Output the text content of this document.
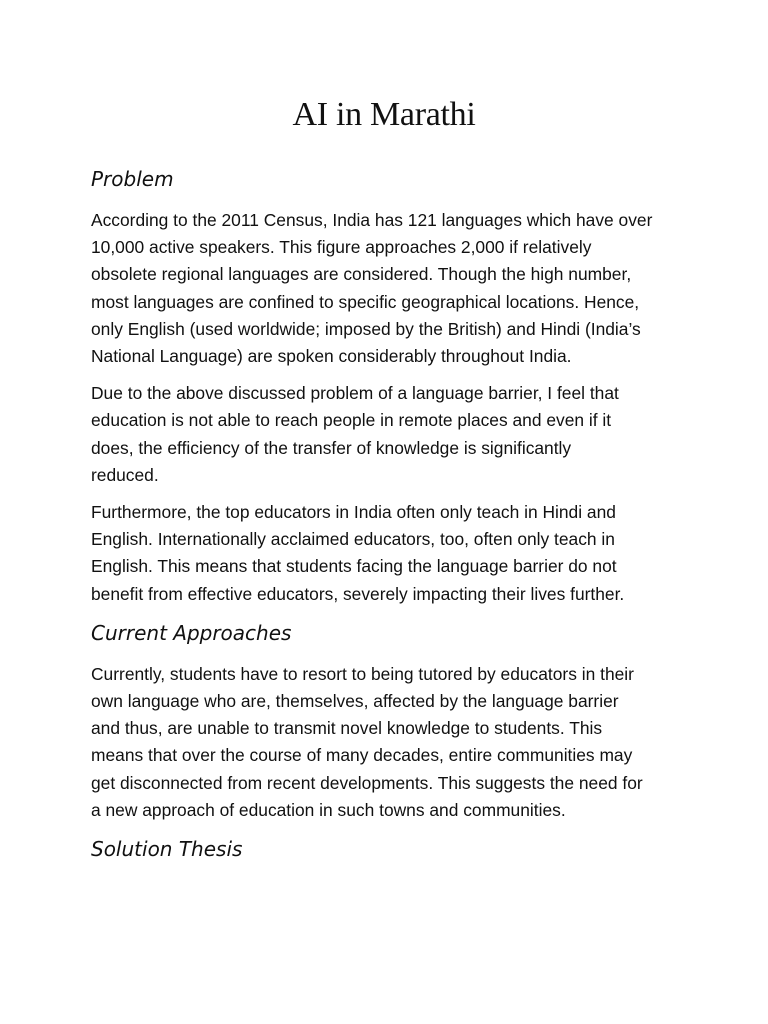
AI in Marathi
Problem

According to the 2011 Census, India has 121 languages which have over
10,000 active speakers. This figure approaches 2,000 if relatively
obsolete regional languages are considered. Though the high number,
most languages are confined to specific geographical locations. Hence,
only English (used worldwide; imposed by the British) and Hindi (India’s
National Language) are spoken considerably throughout India.

Due to the above discussed problem of a language barrier, I feel that
education is not able to reach people in remote places and even if it
does, the efficiency of the transfer of knowledge is significantly
reduced.

Furthermore, the top educators in India often only teach in Hindi and
English. Internationally acclaimed educators, too, often only teach in
English. This means that students facing the language barrier do not
benefit from effective educators, severely impacting their lives further.

Current Approaches

Currently, students have to resort to being tutored by educators in their
own language who are, themselves, affected by the language barrier
and thus, are unable to transmit novel knowledge to students. This
means that over the course of many decades, entire communities may
get disconnected from recent developments. This suggests the need for
a new approach of education in such towns and communities.

Solution Thesis
